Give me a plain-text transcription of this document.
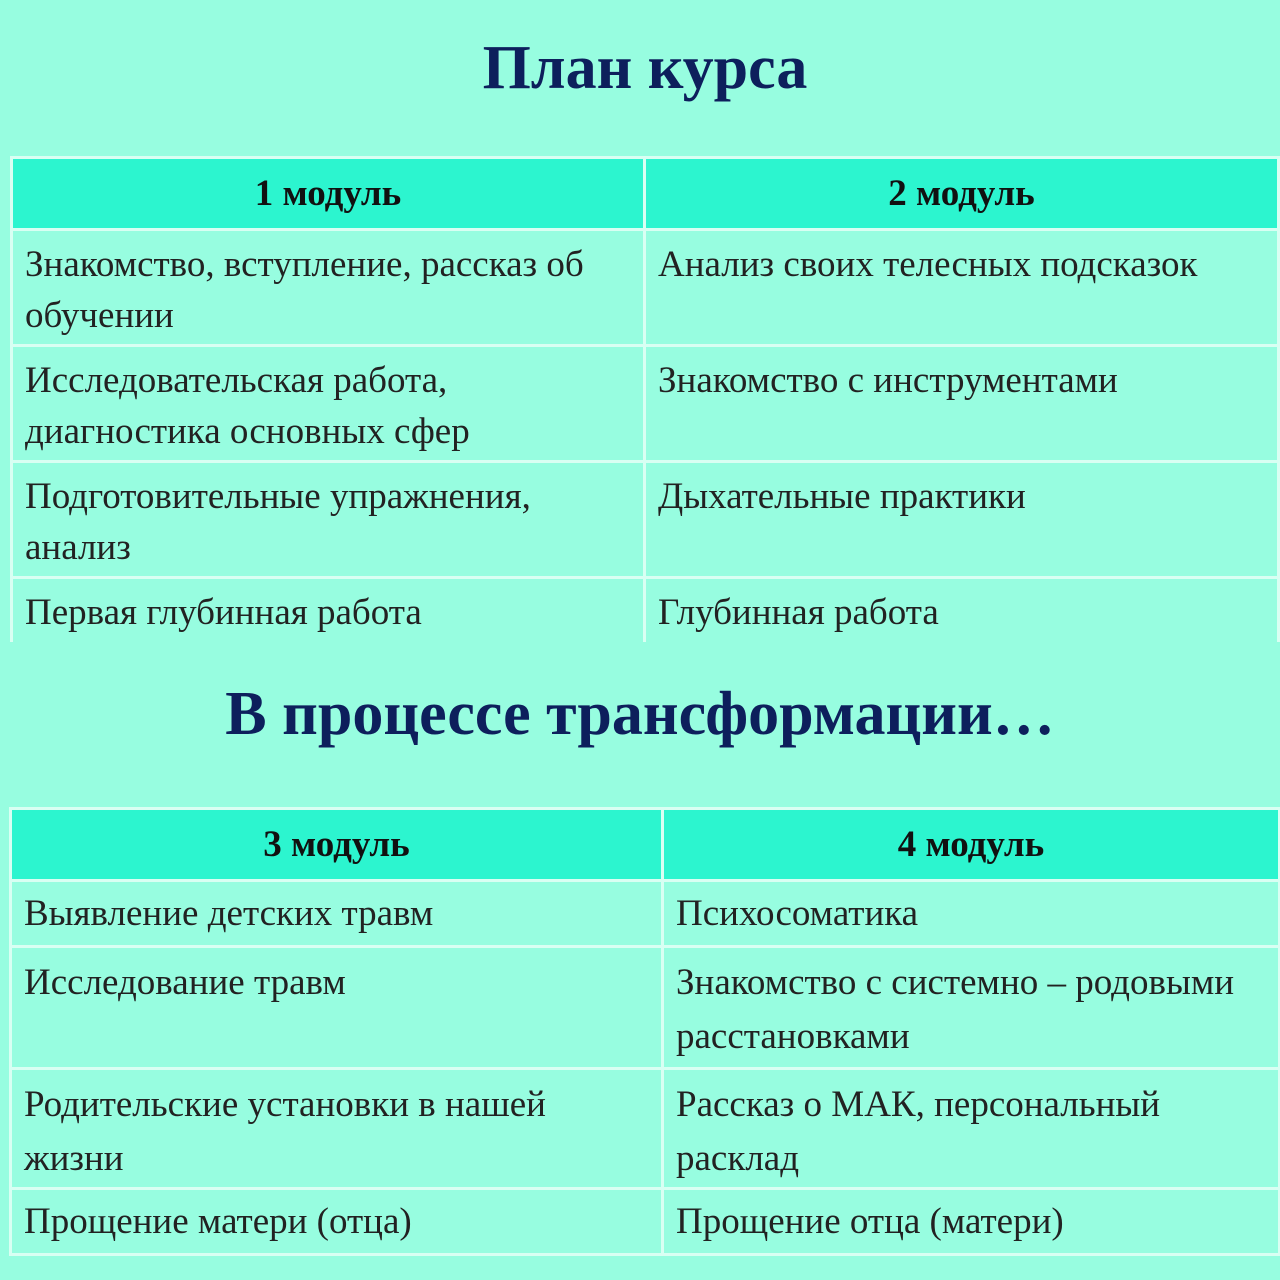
План курса
1 модуль	2 модуль
Знакомство, вступление, рассказ об обучении	Анализ своих телесных подсказок
Исследовательская работа, диагностика основных сфер	Знакомство с инструментами
Подготовительные упражнения, анализ	Дыхательные практики
Первая глубинная работа	Глубинная работа
В процессе трансформации…
3 модуль	4 модуль
Выявление детских травм	Психосоматика
Исследование травм	Знакомство с системно – родовыми расстановками
Родительские установки в нашей жизни	Рассказ о МАК, персональный расклад
Прощение матери (отца)	Прощение отца (матери)
